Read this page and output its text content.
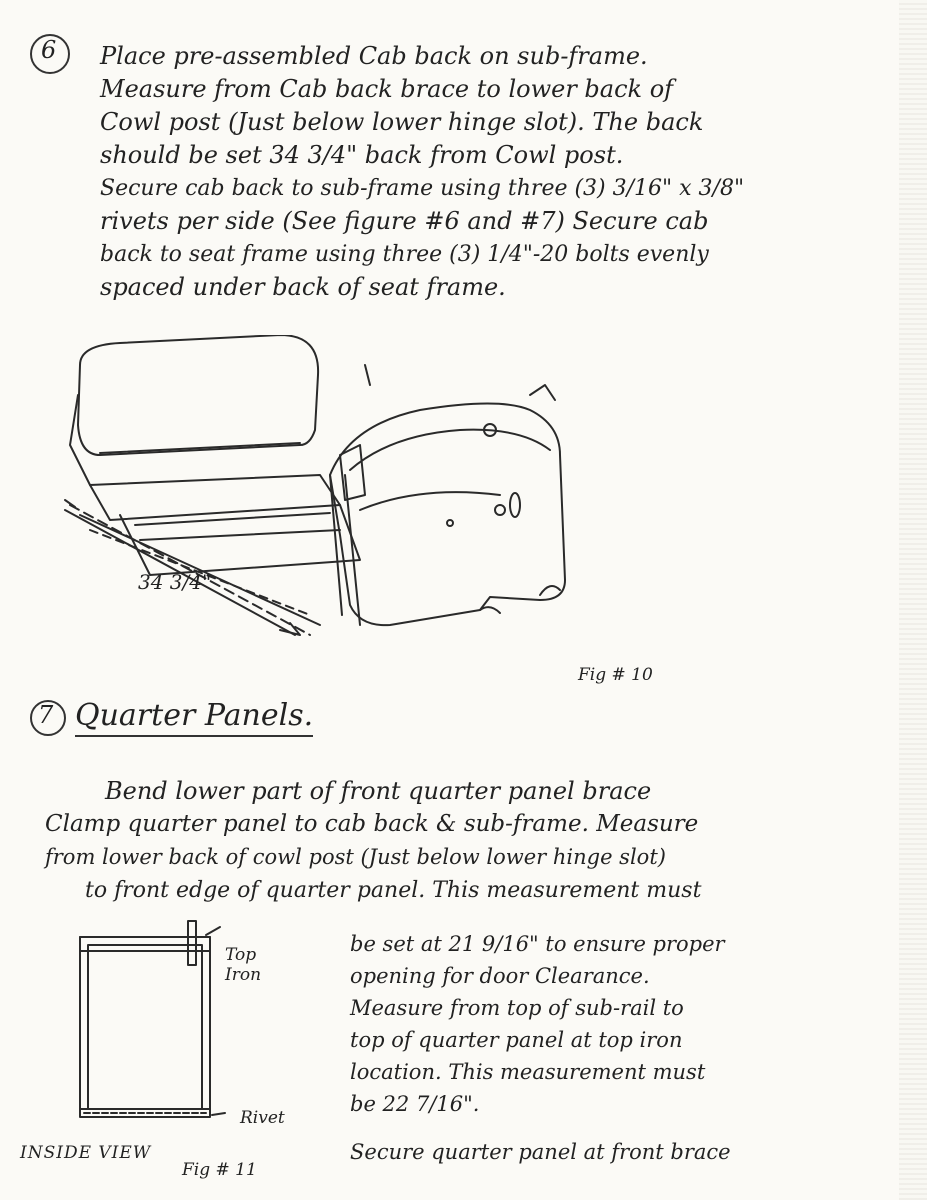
6 Place pre-assembled Cab back on sub-frame.
Measure from Cab back brace to lower back of
Cowl post (Just below lower hinge slot). The back
should be set 34 3/4" back from Cowl post.
Secure cab back to sub-frame using three (3) 3/16" x 3/8"
rivets per side (See figure #6 and #7) Secure cab
back to seat frame using three (3) 1/4"-20 bolts evenly
spaced under back of seat frame.
34 3/4"
Fig # 10
7 Quarter Panels.
Bend lower part of front quarter panel brace
Clamp quarter panel to cab back & sub-frame. Measure
from lower back of cowl post (Just below lower hinge slot)
to front edge of quarter panel. This measurement must
be set at 21 9/16" to ensure proper
opening for door Clearance.
Measure from top of sub-rail to
top of quarter panel at top iron
location. This measurement must
be 22 7/16".
Secure quarter panel at front brace
Top Iron
Rivet
INSIDE VIEW
Fig # 11
